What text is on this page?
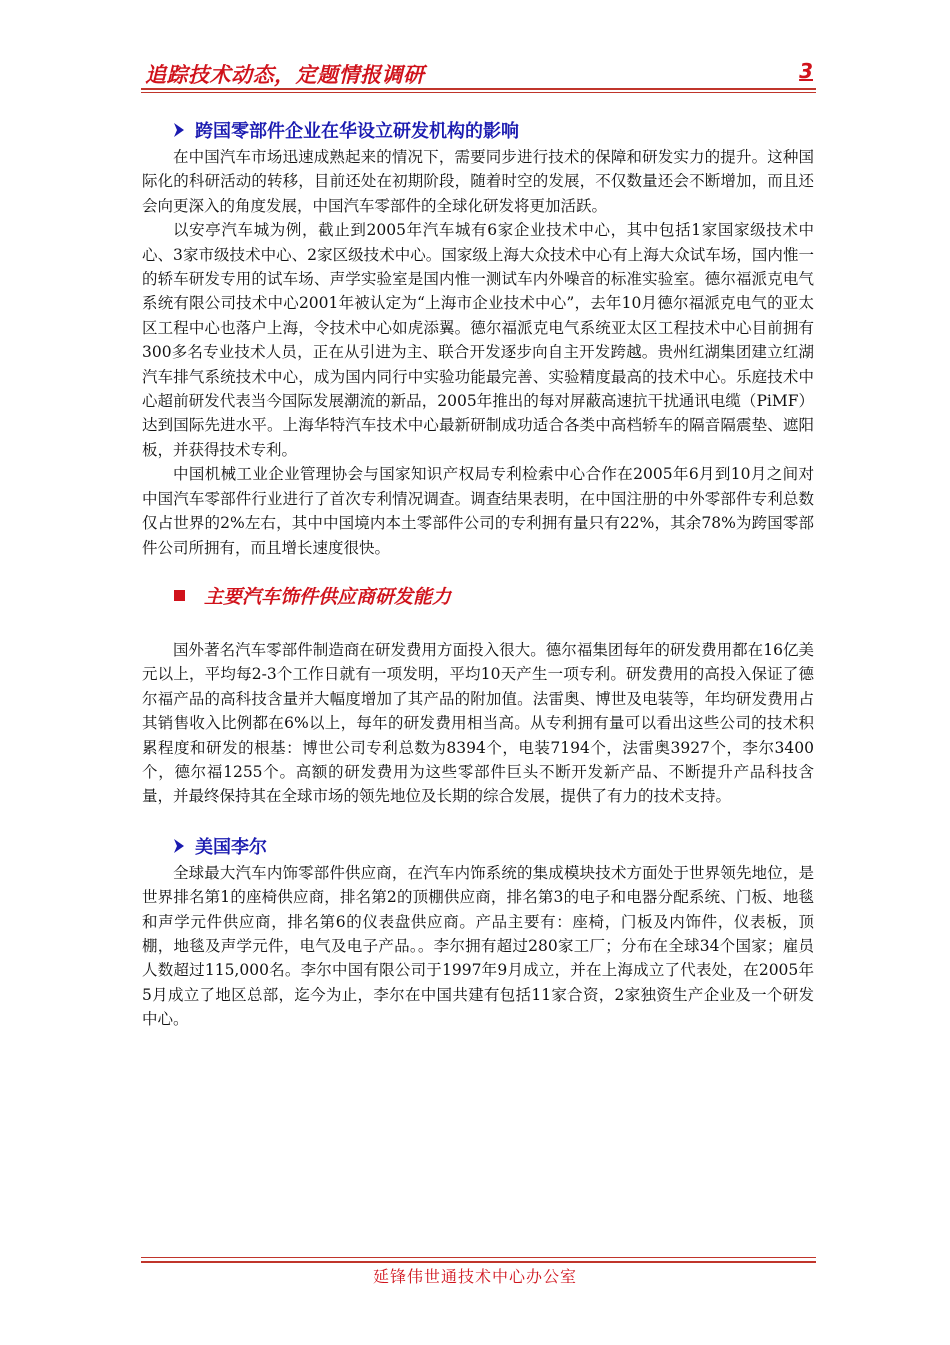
追踪技术动态，定题情报调研	3
跨国零部件企业在华设立研发机构的影响

在中国汽车市场迅速成熟起来的情况下，需要同步进行技术的保障和研发实力的提升。这种国际化的科研活动的转移，目前还处在初期阶段，随着时空的发展，不仅数量还会不断增加，而且还会向更深入的角度发展，中国汽车零部件的全球化研发将更加活跃。

以安亭汽车城为例，截止到2005年汽车城有6家企业技术中心，其中包括1家国家级技术中心、3家市级技术中心、2家区级技术中心。国家级上海大众技术中心有上海大众试车场，国内惟一的轿车研发专用的试车场、声学实验室是国内惟一测试车内外噪音的标准实验室。德尔福派克电气系统有限公司技术中心2001年被认定为“上海市企业技术中心”，去年10月德尔福派克电气的亚太区工程中心也落户上海，令技术中心如虎添翼。德尔福派克电气系统亚太区工程技术中心目前拥有300多名专业技术人员，正在从引进为主、联合开发逐步向自主开发跨越。贵州红湖集团建立红湖汽车排气系统技术中心，成为国内同行中实验功能最完善、实验精度最高的技术中心。乐庭技术中心超前研发代表当今国际发展潮流的新品，2005年推出的每对屏蔽高速抗干扰通讯电缆（PiMF）达到国际先进水平。上海华特汽车技术中心最新研制成功适合各类中高档轿车的隔音隔震垫、遮阳板，并获得技术专利。

中国机械工业企业管理协会与国家知识产权局专利检索中心合作在2005年6月到10月之间对中国汽车零部件行业进行了首次专利情况调查。调查结果表明，在中国注册的中外零部件专利总数仅占世界的2%左右，其中中国境内本土零部件公司的专利拥有量只有22%，其余78%为跨国零部件公司所拥有，而且增长速度很快。

主要汽车饰件供应商研发能力

国外著名汽车零部件制造商在研发费用方面投入很大。德尔福集团每年的研发费用都在16亿美元以上，平均每2-3个工作日就有一项发明，平均10天产生一项专利。研发费用的高投入保证了德尔福产品的高科技含量并大幅度增加了其产品的附加值。法雷奥、博世及电装等，年均研发费用占其销售收入比例都在6%以上，每年的研发费用相当高。从专利拥有量可以看出这些公司的技术积累程度和研发的根基：博世公司专利总数为8394个，电装7194个，法雷奥3927个，李尔3400个，德尔福1255个。高额的研发费用为这些零部件巨头不断开发新产品、不断提升产品科技含量，并最终保持其在全球市场的领先地位及长期的综合发展，提供了有力的技术支持。

美国李尔

全球最大汽车内饰零部件供应商，在汽车内饰系统的集成模块技术方面处于世界领先地位，是世界排名第1的座椅供应商，排名第2的顶棚供应商，排名第3的电子和电器分配系统、门板、地毯和声学元件供应商，排名第6的仪表盘供应商。产品主要有：座椅，门板及内饰件，仪表板，顶棚，地毯及声学元件，电气及电子产品。。李尔拥有超过280家工厂；分布在全球34个国家；雇员人数超过115,000名。李尔中国有限公司于1997年9月成立，并在上海成立了代表处，在2005年5月成立了地区总部，迄今为止，李尔在中国共建有包括11家合资，2家独资生产企业及一个研发中心。

延锋伟世通技术中心办公室
